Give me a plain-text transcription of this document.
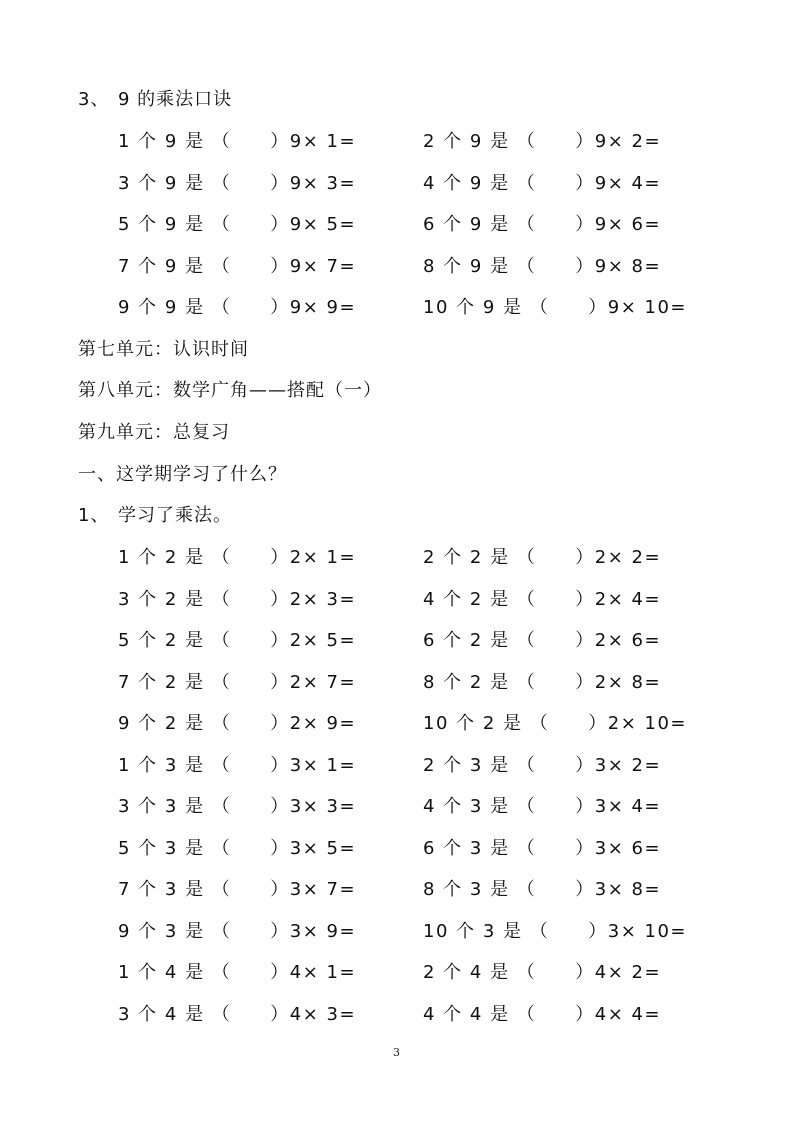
3、 9 的乘法口诀
1 个 9 是 （　　）9× 1=	2 个 9 是 （　　）9× 2=
3 个 9 是 （　　）9× 3=	4 个 9 是 （　　）9× 4=
5 个 9 是 （　　）9× 5=	6 个 9 是 （　　）9× 6=
7 个 9 是 （　　）9× 7=	8 个 9 是 （　　）9× 8=
9 个 9 是 （　　）9× 9=	10 个 9 是 （　　）9× 10=
第七单元：认识时间
第八单元：数学广角——搭配（一）
第九单元：总复习
一、这学期学习了什么？
1、 学习了乘法。
1 个 2 是 （　　）2× 1=	2 个 2 是 （　　）2× 2=
3 个 2 是 （　　）2× 3=	4 个 2 是 （　　）2× 4=
5 个 2 是 （　　）2× 5=	6 个 2 是 （　　）2× 6=
7 个 2 是 （　　）2× 7=	8 个 2 是 （　　）2× 8=
9 个 2 是 （　　）2× 9=	10 个 2 是 （　　）2× 10=
1 个 3 是 （　　）3× 1=	2 个 3 是 （　　）3× 2=
3 个 3 是 （　　）3× 3=	4 个 3 是 （　　）3× 4=
5 个 3 是 （　　）3× 5=	6 个 3 是 （　　）3× 6=
7 个 3 是 （　　）3× 7=	8 个 3 是 （　　）3× 8=
9 个 3 是 （　　）3× 9=	10 个 3 是 （　　）3× 10=
1 个 4 是 （　　）4× 1=	2 个 4 是 （　　）4× 2=
3 个 4 是 （　　）4× 3=	4 个 4 是 （　　）4× 4=
3
